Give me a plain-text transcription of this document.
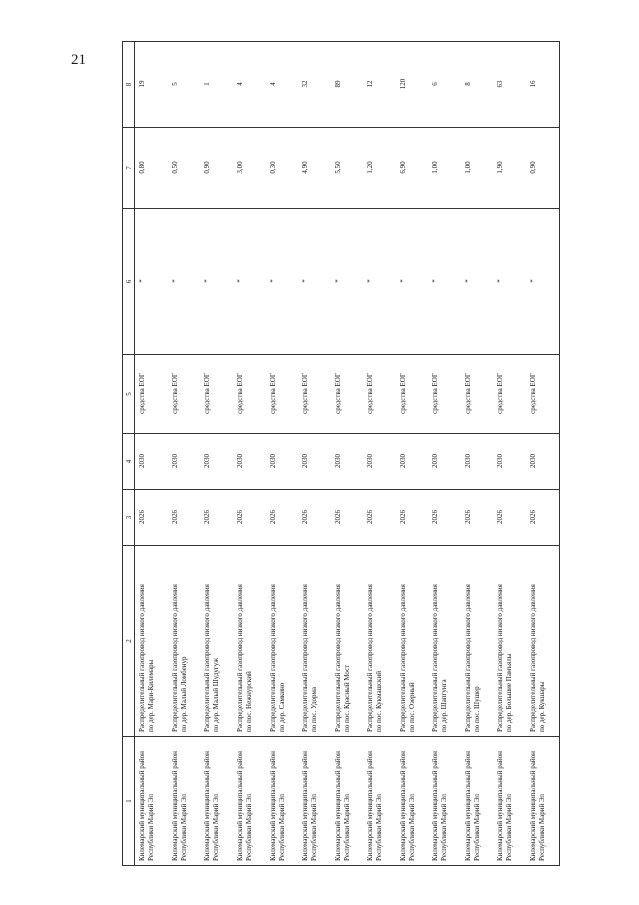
21
1	2	3	4	5	6	7	8
Килемарский муниципальный район Республики Марий Эл	Распределительный газопровод низкого давления по дер. Мари-Килемары	2026	2030	средства ЕОГ	*	0,80	19
Килемарский муниципальный район Республики Марий Эл	Распределительный газопровод низкого давления по дер. Малый Ломбенур	2026	2030	средства ЕОГ	*	0,50	5
Килемарский муниципальный район Республики Марий Эл	Распределительный газопровод низкого давления по дер. Малый Шудугуж	2026	2030	средства ЕОГ	*	0,90	1
Килемарский муниципальный район Республики Марий Эл	Распределительный газопровод низкого давления по пос. Нежнурский	2026	2030	средства ЕОГ	*	3,00	4
Килемарский муниципальный район Республики Марий Эл	Распределительный газопровод низкого давления по дер. Самкино	2026	2030	средства ЕОГ	*	0,30	4
Килемарский муниципальный район Республики Марий Эл	Распределительный газопровод низкого давления по пос. Удорма	2026	2030	средства ЕОГ	*	4,90	32
Килемарский муниципальный район Республики Марий Эл	Распределительный газопровод низкого давления по пос. Красный Мост	2026	2030	средства ЕОГ	*	5,50	89
Килемарский муниципальный район Республики Марий Эл	Распределительный газопровод низкого давления по пос. Кукмашский	2026	2030	средства ЕОГ	*	1,20	12
Килемарский муниципальный район Республики Марий Эл	Распределительный газопровод низкого давления по пос. Озерный	2026	2030	средства ЕОГ	*	6,90	120
Килемарский муниципальный район Республики Марий Эл	Распределительный газопровод низкого давления по дер. Шапгунга	2026	2030	средства ЕОГ	*	1,00	6
Килемарский муниципальный район Республики Марий Эл	Распределительный газопровод низкого давления по пос. Шушер	2026	2030	средства ЕОГ	*	1,00	8
Килемарский муниципальный район Республики Марий Эл	Распределительный газопровод низкого давления по дер. Большие Памъялы	2026	2030	средства ЕОГ	*	1,90	63
Килемарский муниципальный район Республики Марий Эл	Распределительный газопровод низкого давления по дер. Кукшары	2026	2030	средства ЕОГ	*	0,90	16
